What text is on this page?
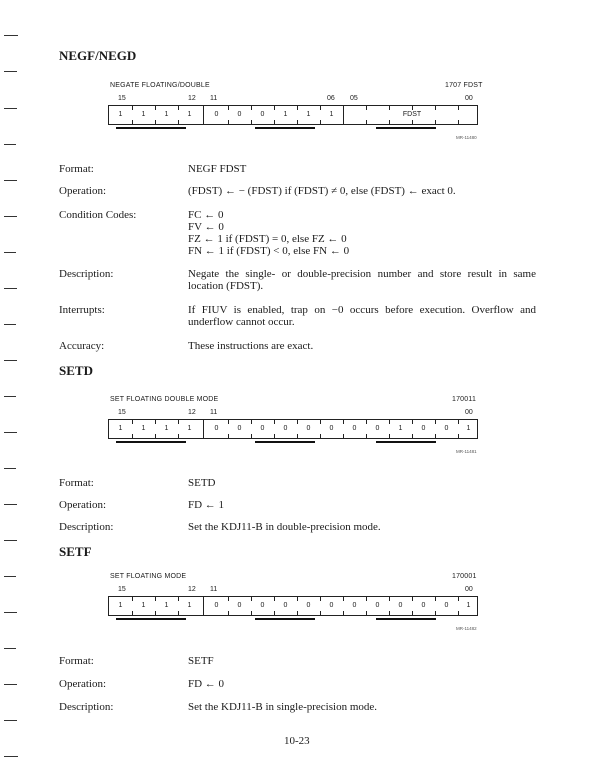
NEGF/NEGD
NEGATE FLOATING/DOUBLE	1707 FDST
15	12 11	06 05	00
1	1	1	1	0	0	0	1	1	1	FDST
MR-11480
Format:	NEGF FDST
Operation:	(FDST) ← − (FDST) if (FDST) ≠ 0, else (FDST) ← exact 0.
Condition Codes:	FC ← 0
FV ← 0
FZ ← 1 if (FDST) = 0, else FZ ← 0
FN ← 1 if (FDST) < 0, else FN ← 0
Description:	Negate the single- or double-precision number and store result in same
location (FDST).
Interrupts:	If FIUV is enabled, trap on −0 occurs before execution. Overflow and
underflow cannot occur.
Accuracy:	These instructions are exact.
SETD
SET FLOATING DOUBLE MODE	170011
15	12 11	00
1	1	1	1	0	0	0	0	0	0	0	0	1	0	0	1
MR-11481
Format:	SETD
Operation:	FD ← 1
Description:	Set the KDJ11-B in double-precision mode.
SETF
SET FLOATING MODE	170001
15	12 11	00
1	1	1	1	0	0	0	0	0	0	0	0	0	0	0	1
MR-11482
Format:	SETF
Operation:	FD ← 0
Description:	Set the KDJ11-B in single-precision mode.
10-23
